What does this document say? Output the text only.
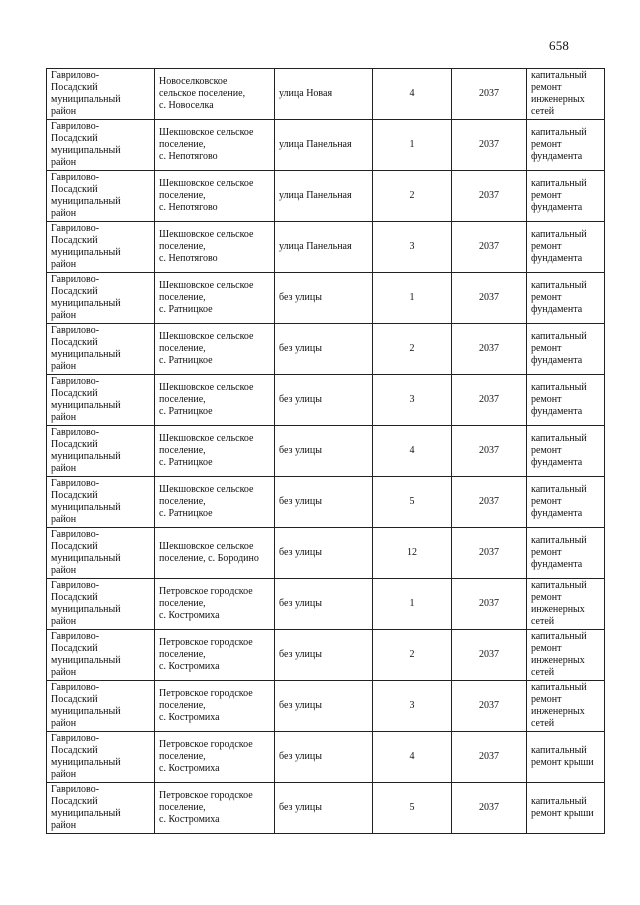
658
Гаврилово-
Посадский
муниципальный
район	Новоселковское
сельское поселение,
с. Новоселка	улица Новая	4	2037	капитальный
ремонт
инженерных
сетей

Гаврилово-
Посадский
муниципальный
район	Шекшовское сельское
поселение,
с. Непотягово	улица Панельная	1	2037	капитальный
ремонт
фундамента

Гаврилово-
Посадский
муниципальный
район	Шекшовское сельское
поселение,
с. Непотягово	улица Панельная	2	2037	капитальный
ремонт
фундамента

Гаврилово-
Посадский
муниципальный
район	Шекшовское сельское
поселение,
с. Непотягово	улица Панельная	3	2037	капитальный
ремонт
фундамента

Гаврилово-
Посадский
муниципальный
район	Шекшовское сельское
поселение,
с. Ратницкое	без улицы	1	2037	капитальный
ремонт
фундамента

Гаврилово-
Посадский
муниципальный
район	Шекшовское сельское
поселение,
с. Ратницкое	без улицы	2	2037	капитальный
ремонт
фундамента

Гаврилово-
Посадский
муниципальный
район	Шекшовское сельское
поселение,
с. Ратницкое	без улицы	3	2037	капитальный
ремонт
фундамента

Гаврилово-
Посадский
муниципальный
район	Шекшовское сельское
поселение,
с. Ратницкое	без улицы	4	2037	капитальный
ремонт
фундамента

Гаврилово-
Посадский
муниципальный
район	Шекшовское сельское
поселение,
с. Ратницкое	без улицы	5	2037	капитальный
ремонт
фундамента

Гаврилово-
Посадский
муниципальный
район	Шекшовское сельское
поселение, с. Бородино	без улицы	12	2037	капитальный
ремонт
фундамента

Гаврилово-
Посадский
муниципальный
район	Петровское городское
поселение,
с. Костромиха	без улицы	1	2037	капитальный
ремонт
инженерных
сетей

Гаврилово-
Посадский
муниципальный
район	Петровское городское
поселение,
с. Костромиха	без улицы	2	2037	капитальный
ремонт
инженерных
сетей

Гаврилово-
Посадский
муниципальный
район	Петровское городское
поселение,
с. Костромиха	без улицы	3	2037	капитальный
ремонт
инженерных
сетей

Гаврилово-
Посадский
муниципальный
район	Петровское городское
поселение,
с. Костромиха	без улицы	4	2037	капитальный
ремонт крыши

Гаврилово-
Посадский
муниципальный
район	Петровское городское
поселение,
с. Костромиха	без улицы	5	2037	капитальный
ремонт крыши
